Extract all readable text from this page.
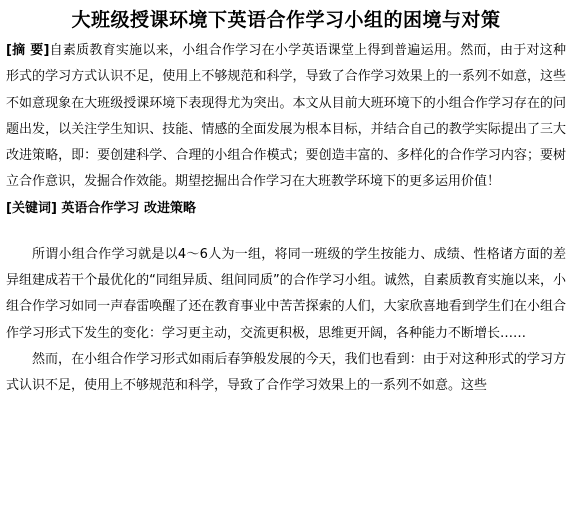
大班级授课环境下英语合作学习小组的困境与对策

[摘 要]自素质教育实施以来，小组合作学习在小学英语课堂上得到普遍运用。然而，由于对这种形式的学习方式认识不足，使用上不够规范和科学，导致了合作学习效果上的一系列不如意，这些不如意现象在大班级授课环境下表现得尤为突出。本文从目前大班环境下的小组合作学习存在的问题出发，以关注学生知识、技能、情感的全面发展为根本目标，并结合自己的教学实际提出了三大改进策略，即：要创建科学、合理的小组合作模式；要创造丰富的、多样化的合作学习内容；要树立合作意识，发掘合作效能。期望挖掘出合作学习在大班教学环境下的更多运用价值！

[关键词] 英语合作学习 改进策略

所谓小组合作学习就是以4～6人为一组，将同一班级的学生按能力、成绩、性格诸方面的差异组建成若干个最优化的“同组异质、组间同质”的合作学习小组。诚然，自素质教育实施以来，小组合作学习如同一声春雷唤醒了还在教育事业中苦苦探索的人们，大家欣喜地看到学生们在小组合作学习形式下发生的变化：学习更主动，交流更积极，思维更开阔，各种能力不断增长……

然而，在小组合作学习形式如雨后春笋般发展的今天，我们也看到：由于对这种形式的学习方式认识不足，使用上不够规范和科学，导致了合作学习效果上的一系列不如意。这些
